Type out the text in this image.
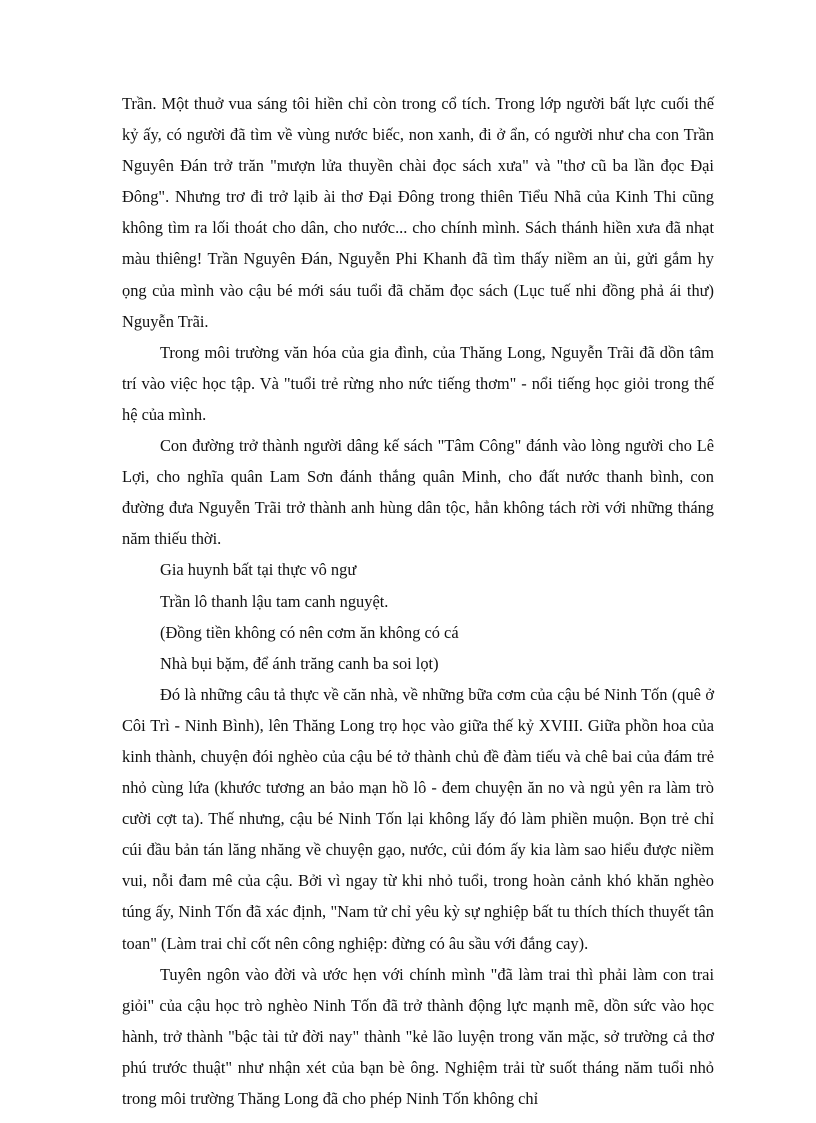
Trần. Một thuở vua sáng tôi hiền chỉ còn trong cổ tích. Trong lớp người bất lực cuối thế kỷ ấy, có người đã tìm về vùng nước biếc, non xanh, đi ở ẩn, có người như cha con Trần Nguyên Đán trở trăn "mượn lửa thuyền chài đọc sách xưa" và "thơ cũ ba lần đọc Đại Đông". Nhưng trơ đi trở lạib ài thơ Đại Đông trong thiên Tiểu Nhã của Kinh Thi cũng không tìm ra lối thoát cho dân, cho nước... cho chính mình. Sách thánh hiền xưa đã nhạt màu thiêng! Trần Nguyên Đán, Nguyễn Phi Khanh đã tìm thấy niềm an ủi, gửi gắm hy ọng của mình vào cậu bé mới sáu tuổi đã chăm đọc sách (Lục tuế nhi đồng phả ái thư) Nguyễn Trãi.

Trong môi trường văn hóa của gia đình, của Thăng Long, Nguyễn Trãi đã dồn tâm trí vào việc học tập. Và "tuổi trẻ rừng nho nức tiếng thơm" - nổi tiếng học giỏi trong thế hệ của mình.

Con đường trở thành người dâng kế sách "Tâm Công" đánh vào lòng người cho Lê Lợi, cho nghĩa quân Lam Sơn đánh thắng quân Minh, cho đất nước thanh bình, con đường đưa Nguyễn Trãi trở thành anh hùng dân tộc, hẳn không tách rời với những tháng năm thiếu thời.

Gia huynh bất tại thực vô ngư

Trần lô thanh lậu tam canh nguyệt.

(Đồng tiền không có nên cơm ăn không có cá

Nhà bụi bặm, để ánh trăng canh ba soi lọt)

Đó là những câu tả thực về căn nhà, về những bữa cơm của cậu bé Ninh Tốn (quê ở Côi Trì - Ninh Bình), lên Thăng Long trọ học vào giữa thế kỷ XVIII. Giữa phồn hoa của kinh thành, chuyện đói nghèo của cậu bé tở thành chủ đề đàm tiếu và chê bai của đám trẻ nhỏ cùng lứa (khước tương an bảo mạn hồ lô - đem chuyện ăn no và ngủ yên ra làm trò cười cợt ta). Thế nhưng, cậu bé Ninh Tốn lại không lấy đó làm phiền muộn. Bọn trẻ chỉ cúi đầu bản tán lăng nhăng về chuyện gạo, nước, củi đóm ấy kia làm sao hiểu được niềm vui, nỗi đam mê của cậu. Bởi vì ngay từ khi nhỏ tuổi, trong hoàn cảnh khó khăn nghèo túng ấy, Ninh Tốn đã xác định, "Nam tử chỉ yêu kỳ sự nghiệp bất tu thích thích thuyết tân toan" (Làm trai chỉ cốt nên công nghiệp: đừng có âu sầu với đắng cay).

Tuyên ngôn vào đời và ước hẹn với chính mình "đã làm trai thì phải làm con trai giỏi" của cậu học trò nghèo Ninh Tốn đã trở thành động lực mạnh mẽ, dồn sức vào học hành, trở thành "bậc tài tử đời nay" thành "kẻ lão luyện trong văn mặc, sở trường cả thơ phú trước thuật" như nhận xét của bạn bè ông. Nghiệm trải từ suốt tháng năm tuổi nhỏ trong môi trường Thăng Long đã cho phép Ninh Tốn không chỉ
